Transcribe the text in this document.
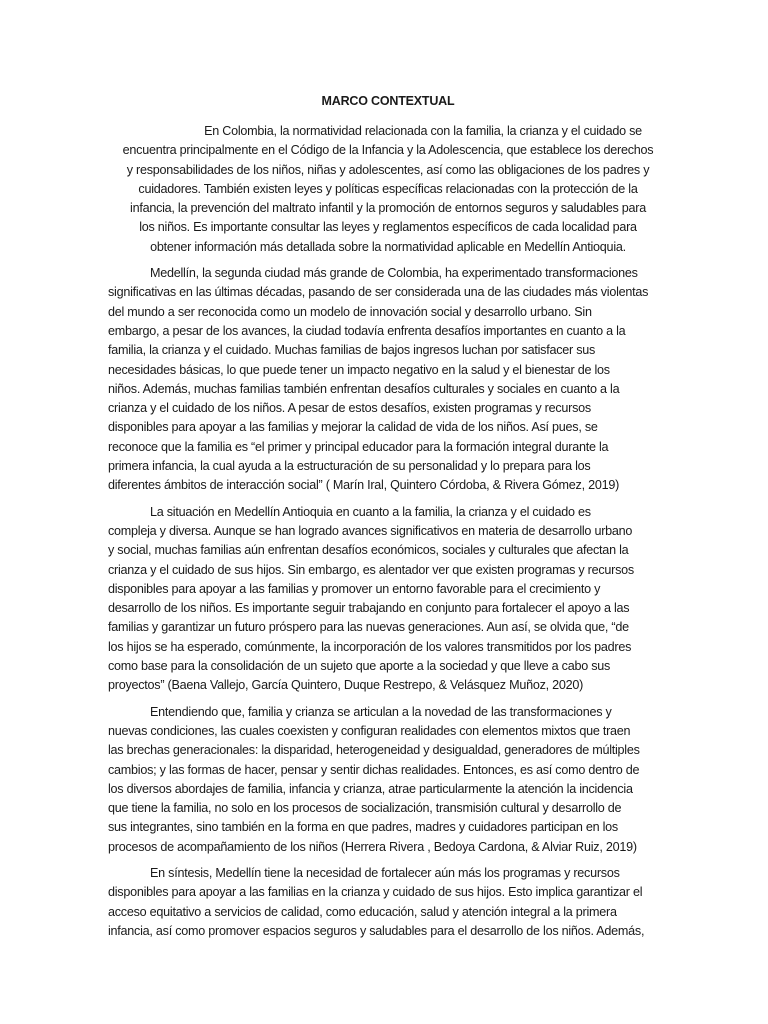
MARCO CONTEXTUAL
En Colombia, la normatividad relacionada con la familia, la crianza y el cuidado se
encuentra principalmente en el Código de la Infancia y la Adolescencia, que establece los derechos
y responsabilidades de los niños, niñas y adolescentes, así como las obligaciones de los padres y
cuidadores. También existen leyes y políticas específicas relacionadas con la protección de la
infancia, la prevención del maltrato infantil y la promoción de entornos seguros y saludables para
los niños. Es importante consultar las leyes y reglamentos específicos de cada localidad para
obtener información más detallada sobre la normatividad aplicable en Medellín Antioquia.
Medellín, la segunda ciudad más grande de Colombia, ha experimentado transformaciones
significativas en las últimas décadas, pasando de ser considerada una de las ciudades más violentas
del mundo a ser reconocida como un modelo de innovación social y desarrollo urbano. Sin
embargo, a pesar de los avances, la ciudad todavía enfrenta desafíos importantes en cuanto a la
familia, la crianza y el cuidado. Muchas familias de bajos ingresos luchan por satisfacer sus
necesidades básicas, lo que puede tener un impacto negativo en la salud y el bienestar de los
niños. Además, muchas familias también enfrentan desafíos culturales y sociales en cuanto a la
crianza y el cuidado de los niños. A pesar de estos desafíos, existen programas y recursos
disponibles para apoyar a las familias y mejorar la calidad de vida de los niños. Así pues, se
reconoce que la familia es “el primer y principal educador para la formación integral durante la
primera infancia, la cual ayuda a la estructuración de su personalidad y lo prepara para los
diferentes ámbitos de interacción social” ( Marín Iral, Quintero Córdoba, & Rivera Gómez, 2019)
La situación en Medellín Antioquia en cuanto a la familia, la crianza y el cuidado es
compleja y diversa. Aunque se han logrado avances significativos en materia de desarrollo urbano
y social, muchas familias aún enfrentan desafíos económicos, sociales y culturales que afectan la
crianza y el cuidado de sus hijos. Sin embargo, es alentador ver que existen programas y recursos
disponibles para apoyar a las familias y promover un entorno favorable para el crecimiento y
desarrollo de los niños. Es importante seguir trabajando en conjunto para fortalecer el apoyo a las
familias y garantizar un futuro próspero para las nuevas generaciones. Aun así, se olvida que, “de
los hijos se ha esperado, comúnmente, la incorporación de los valores transmitidos por los padres
como base para la consolidación de un sujeto que aporte a la sociedad y que lleve a cabo sus
proyectos” (Baena Vallejo, García Quintero, Duque Restrepo, & Velásquez Muñoz, 2020)
Entendiendo que, familia y crianza se articulan a la novedad de las transformaciones y
nuevas condiciones, las cuales coexisten y configuran realidades con elementos mixtos que traen
las brechas generacionales: la disparidad, heterogeneidad y desigualdad, generadores de múltiples
cambios; y las formas de hacer, pensar y sentir dichas realidades. Entonces, es así como dentro de
los diversos abordajes de familia, infancia y crianza, atrae particularmente la atención la incidencia
que tiene la familia, no solo en los procesos de socialización, transmisión cultural y desarrollo de
sus integrantes, sino también en la forma en que padres, madres y cuidadores participan en los
procesos de acompañamiento de los niños (Herrera Rivera , Bedoya Cardona, & Alviar Ruiz, 2019)
En síntesis, Medellín tiene la necesidad de fortalecer aún más los programas y recursos
disponibles para apoyar a las familias en la crianza y cuidado de sus hijos. Esto implica garantizar el
acceso equitativo a servicios de calidad, como educación, salud y atención integral a la primera
infancia, así como promover espacios seguros y saludables para el desarrollo de los niños. Además,
